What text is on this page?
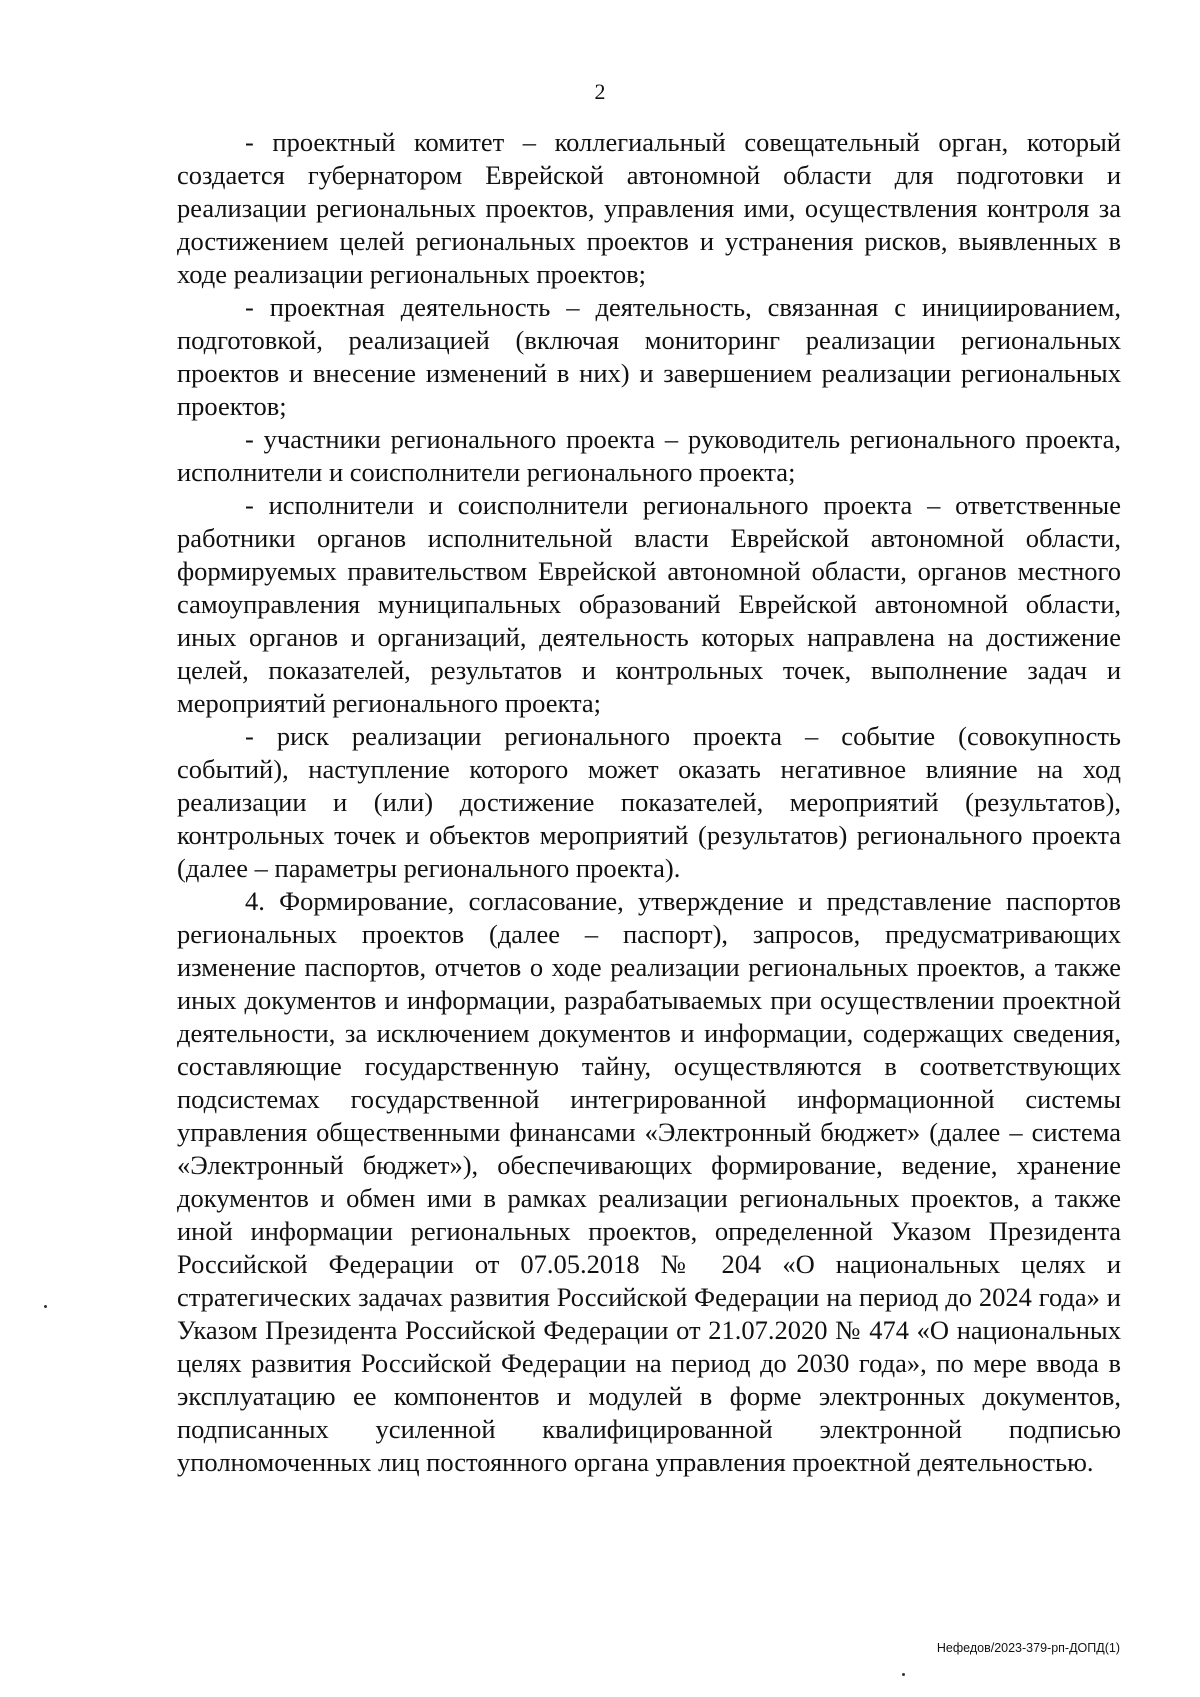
2

- проектный комитет – коллегиальный совещательный орган, который создается губернатором Еврейской автономной области для подготовки и реализации региональных проектов, управления ими, осуществления контроля за достижением целей региональных проектов и устранения рисков, выявленных в ходе реализации региональных проектов;

- проектная деятельность – деятельность, связанная с инициированием, подготовкой, реализацией (включая мониторинг реализации региональных проектов и внесение изменений в них) и завершением реализации региональных проектов;

- участники регионального проекта – руководитель регионального проекта, исполнители и соисполнители регионального проекта;

- исполнители и соисполнители регионального проекта – ответственные работники органов исполнительной власти Еврейской автономной области, формируемых правительством Еврейской автономной области, органов местного самоуправления муниципальных образований Еврейской автономной области, иных органов и организаций, деятельность которых направлена на достижение целей, показателей, результатов и контрольных точек, выполнение задач и мероприятий регионального проекта;

- риск реализации регионального проекта – событие (совокупность событий), наступление которого может оказать негативное влияние на ход реализации и (или) достижение показателей, мероприятий (результатов), контрольных точек и объектов мероприятий (результатов) регионального проекта (далее – параметры регионального проекта).

4. Формирование, согласование, утверждение и представление паспортов региональных проектов (далее – паспорт), запросов, предусматривающих изменение паспортов, отчетов о ходе реализации региональных проектов, а также иных документов и информации, разрабатываемых при осуществлении проектной деятельности, за исключением документов и информации, содержащих сведения, составляющие государственную тайну, осуществляются в соответствующих подсистемах государственной интегрированной информационной системы управления общественными финансами «Электронный бюджет» (далее – система «Электронный бюджет»), обеспечивающих формирование, ведение, хранение документов и обмен ими в рамках реализации региональных проектов, а также иной информации региональных проектов, определенной Указом Президента Российской Федерации от 07.05.2018 № 204 «О национальных целях и стратегических задачах развития Российской Федерации на период до 2024 года» и Указом Президента Российской Федерации от 21.07.2020 № 474 «О национальных целях развития Российской Федерации на период до 2030 года», по мере ввода в эксплуатацию ее компонентов и модулей в форме электронных документов, подписанных усиленной квалифицированной электронной подписью уполномоченных лиц постоянного органа управления проектной деятельностью.

Нефедов/2023-379-рп-ДОПД(1)
